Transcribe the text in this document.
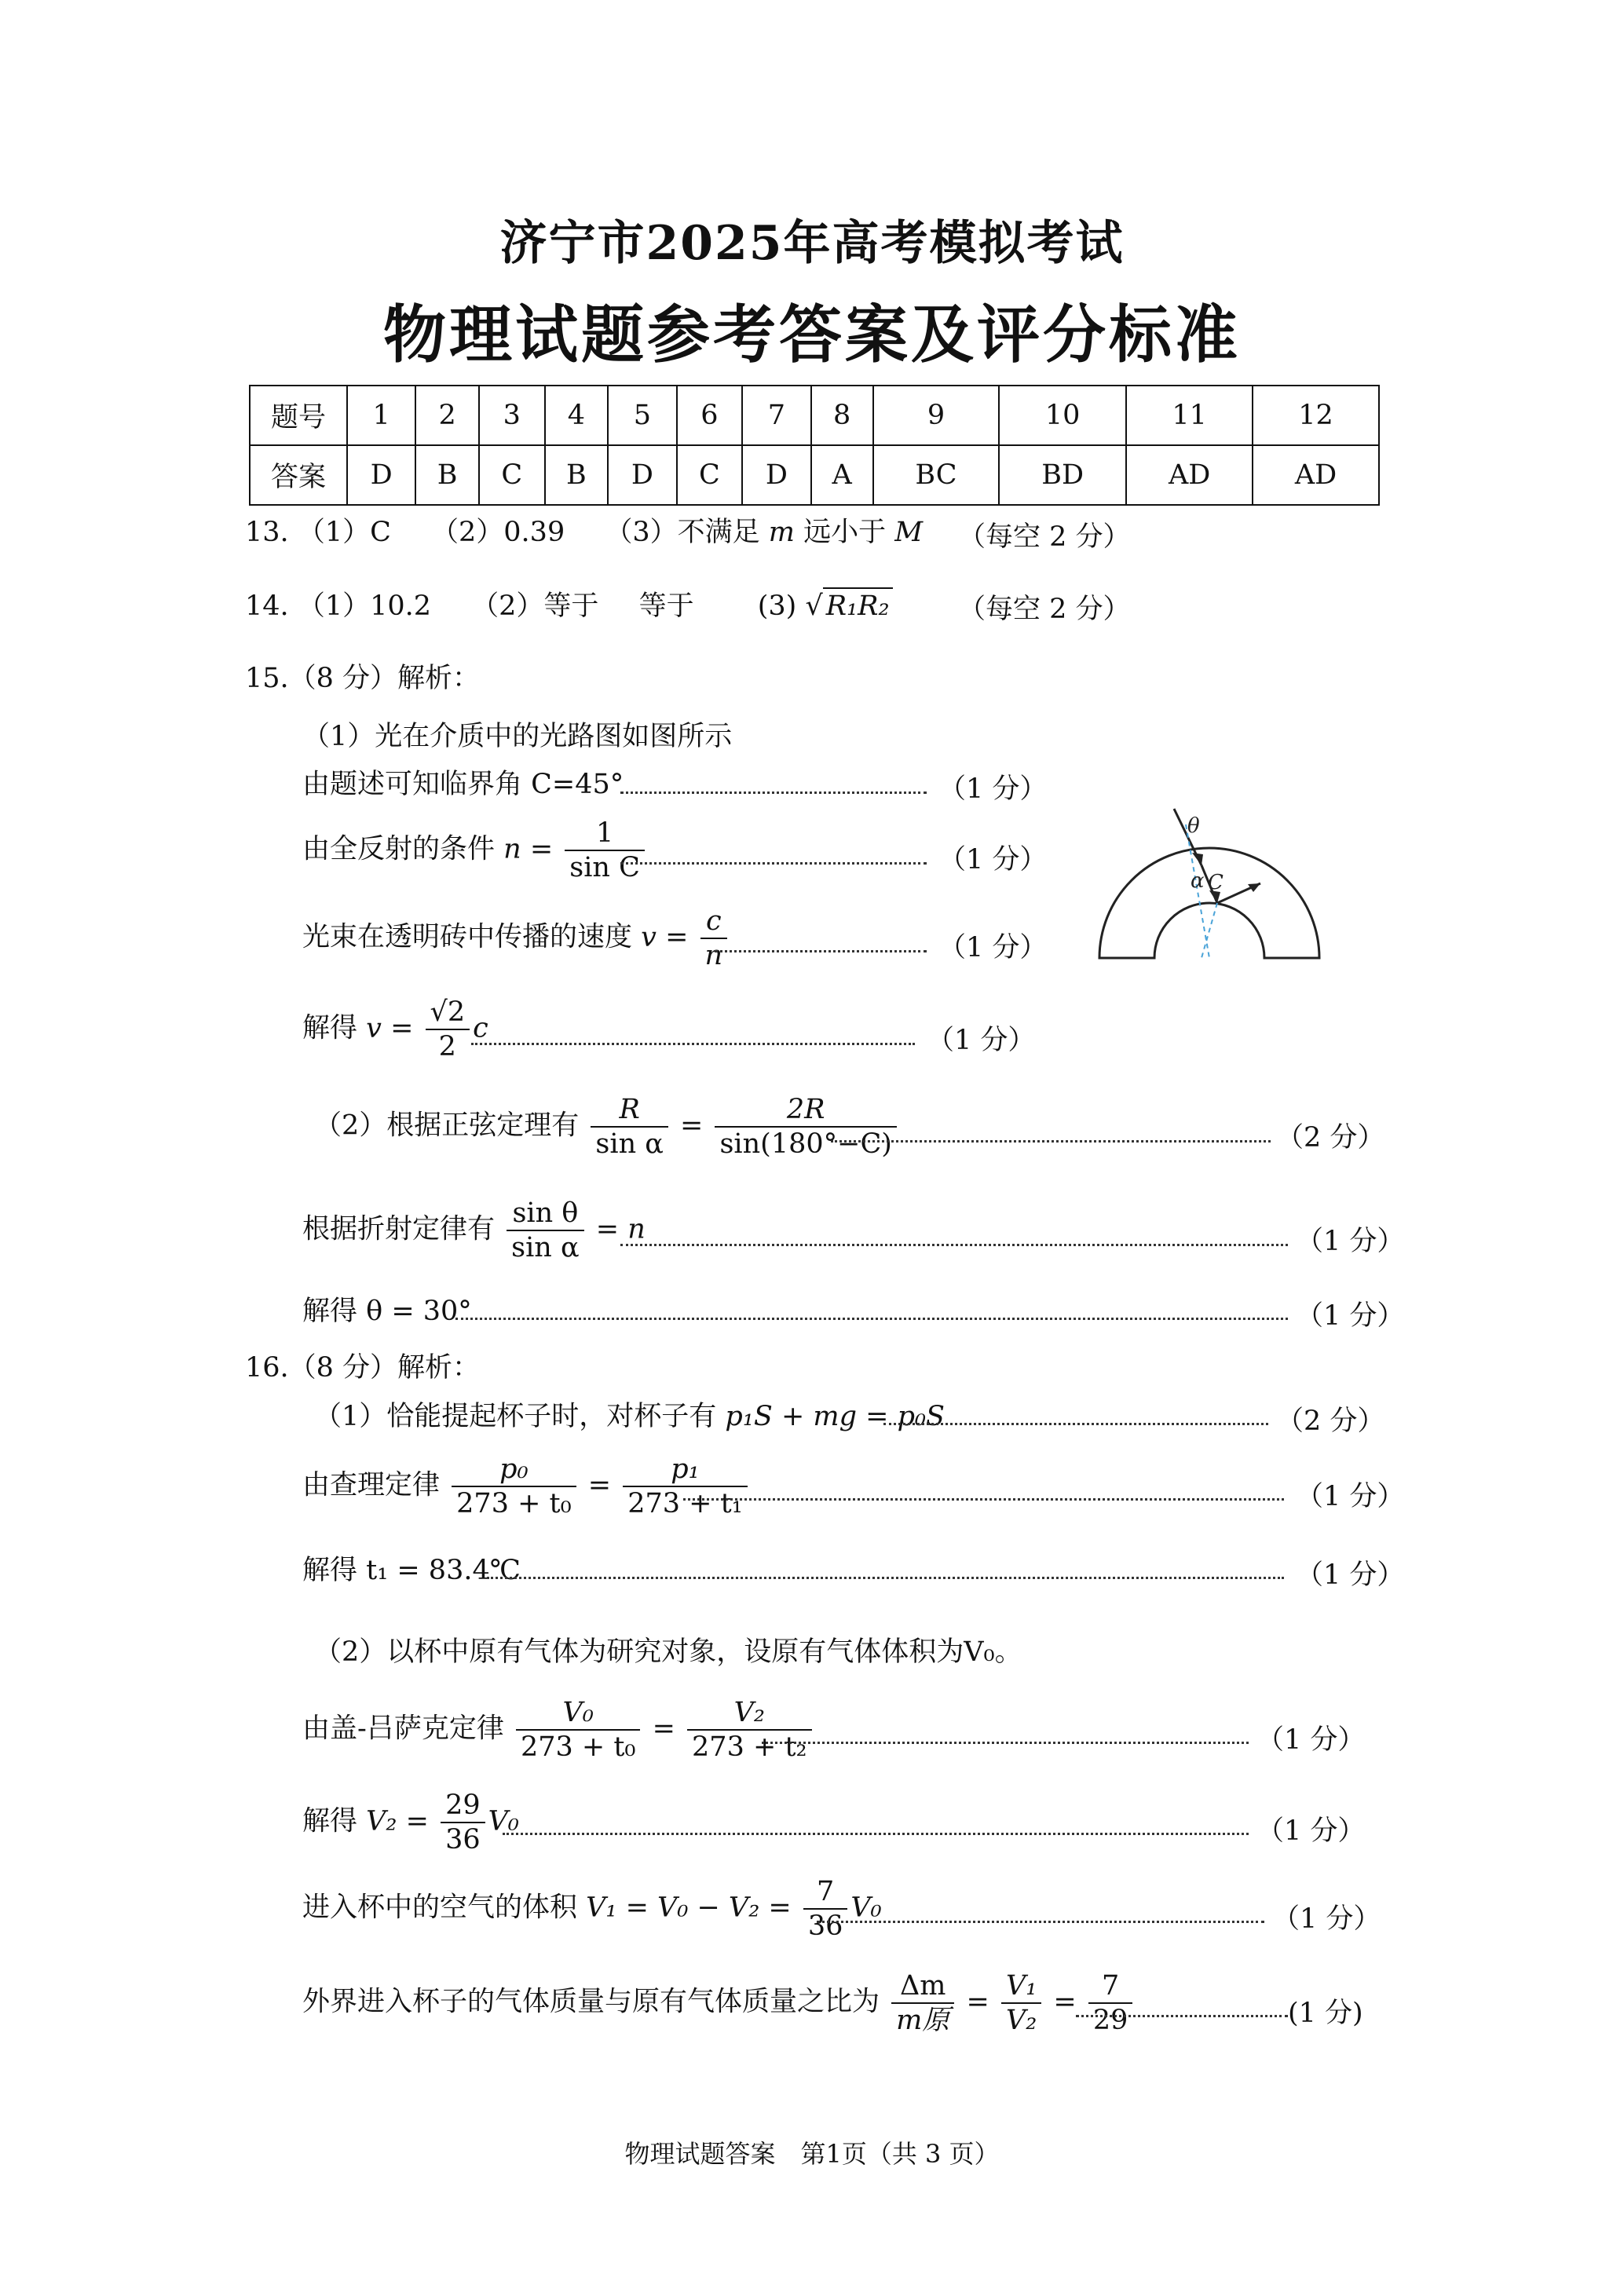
济宁市2025年高考模拟考试
物理试题参考答案及评分标准
题号	1	2	3	4	5	6	7	8	9	10	11	12
答案	D	B	C	B	D	C	D	A	BC	BD	AD	AD
13. （1）C （2）0.39 （3）不满足 m 远小于 M （每空 2 分）
14. （1）10.2 （2）等于 等于 (3) √ R₁R₂ （每空 2 分）
15.（8 分）解析：
（1）光在介质中的光路图如图所示
由题述可知临界角 C=45°	（1 分）
由全反射的条件 $n = \frac{1}{\text{sin C}}$	（1 分）
光束在透明砖中传播的速度 $v = \frac{c}{n}$	（1 分）
解得 $v = \frac{√2}{2}$ c	（1 分）
（2）根据正弦定理有 $\frac{R}{\text{sin α}} = \frac{2R}{\sin(180^\circ-C)}$	（2 分）
根据折射定律有 $\frac{\text{sin θ}}{\text{sin α}} = n$	（1 分）
解得 θ = 30°	（1 分）
θ
α C
16.（8 分）解析：
（1）恰能提起杯子时，对杯子有 p₁S + mg = p₀S	（2 分）
由查理定律 $\frac{\text{p₀}}{\text{273 + t₀}} = \frac{\text{p₁}}{\text{273 + t₁}}$	（1 分）
解得 t₁ = 83.4℃	（1 分）
（2）以杯中原有气体为研究对象，设原有气体体积为V₀。
由盖-吕萨克定律 $\frac{\text{V₀}}{\text{273 + t₀}} = \frac{\text{V₂}}{\text{273 + t₂}}$	（1 分）
解得 $V_2 = \frac{29}{36} V_0$	（1 分）
进入杯中的空气的体积 $V_1 = V_0 - V_2 = \frac{7}{36} V_0$	（1 分）
外界进入杯子的气体质量与原有气体质量之比为 $\frac{\Delta m}{\text{m原}} = \frac{\text{V₁}}{\text{V₂}} = \frac{7}{29}$	(1 分)
物理试题答案　第1页（共 3 页）
